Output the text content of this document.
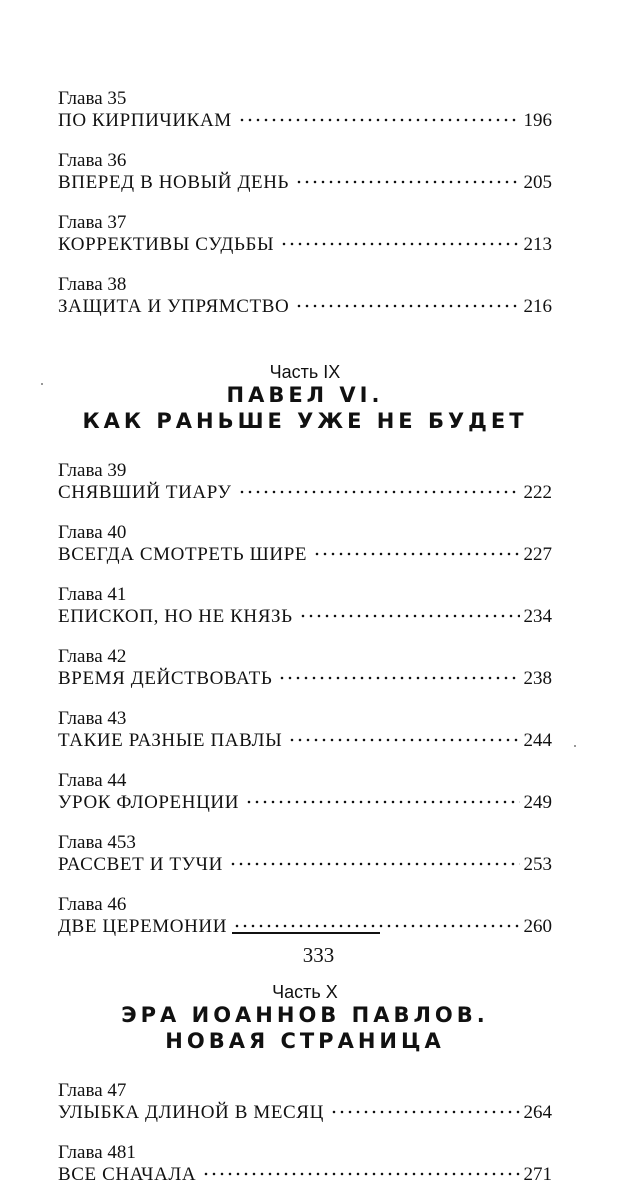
Глава 35
ПО КИРПИЧИКАМ	196
Глава 36
ВПЕРЕД В НОВЫЙ ДЕНЬ	205
Глава 37
КОРРЕКТИВЫ СУДЬБЫ	213
Глава 38
ЗАЩИТА И УПРЯМСТВО	216
Часть IX
ПАВЕЛ VI.
КАК РАНЬШЕ УЖЕ НЕ БУДЕТ
Глава 39
СНЯВШИЙ ТИАРУ	222
Глава 40
ВСЕГДА СМОТРЕТЬ ШИРЕ	227
Глава 41
ЕПИСКОП, НО НЕ КНЯЗЬ	234
Глава 42
ВРЕМЯ ДЕЙСТВОВАТЬ	238
Глава 43
ТАКИЕ РАЗНЫЕ ПАВЛЫ	244
Глава 44
УРОК ФЛОРЕНЦИИ	249
Глава 453
РАССВЕТ И ТУЧИ	253
Глава 46
ДВЕ ЦЕРЕМОНИИ	260
Часть X
ЭРА ИОАННОВ ПАВЛОВ.
НОВАЯ СТРАНИЦА
Глава 47
УЛЫБКА ДЛИНОЙ В МЕСЯЦ	264
Глава 481
ВСЕ СНАЧАЛА	271
333
